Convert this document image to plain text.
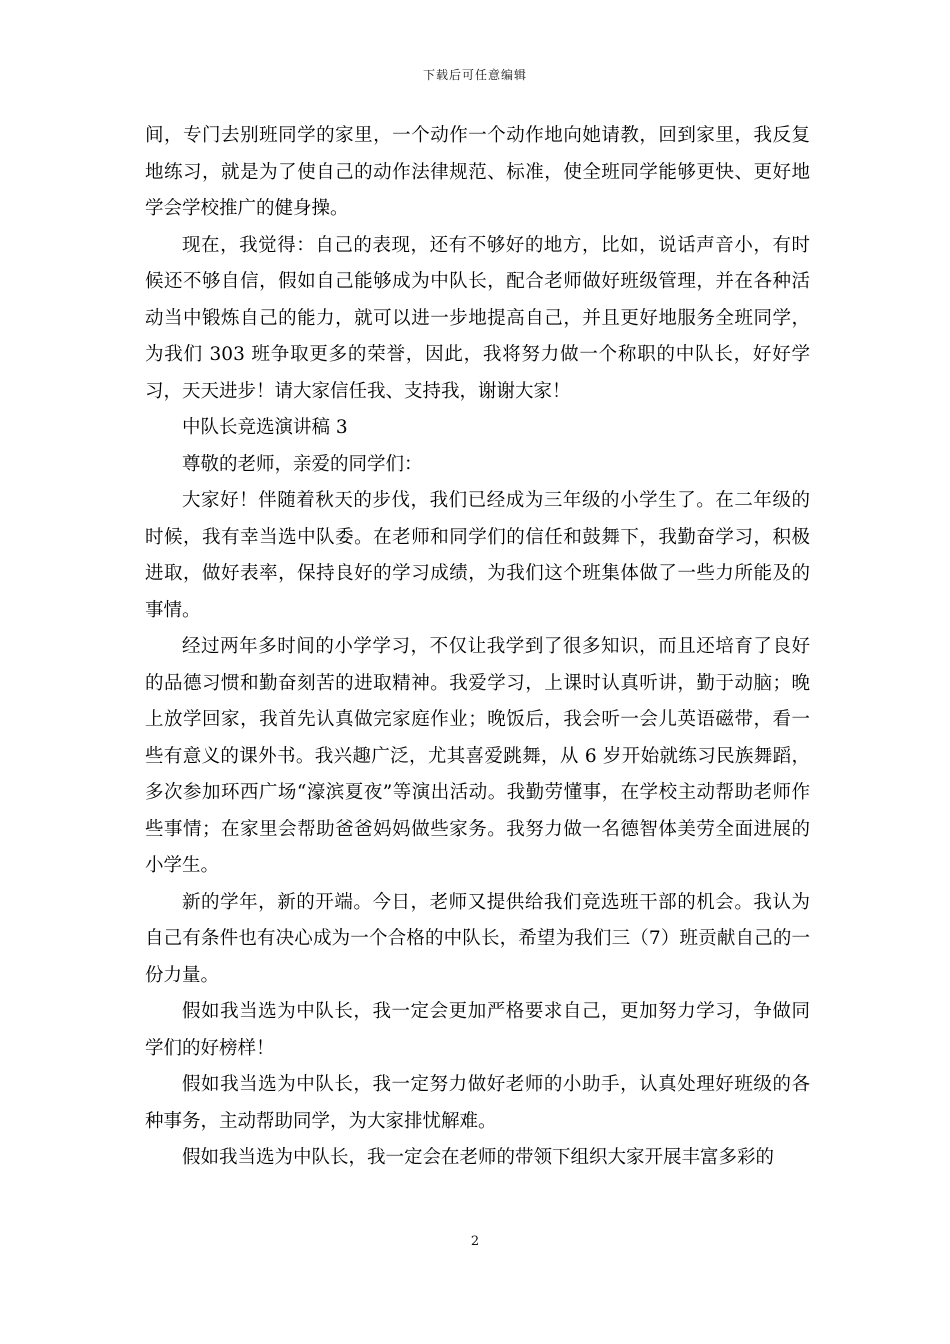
下载后可任意编辑

间，专门去别班同学的家里，一个动作一个动作地向她请教，回到家里，我反复地练习，就是为了使自己的动作法律规范、标准，使全班同学能够更快、更好地学会学校推广的健身操。

现在，我觉得：自己的表现，还有不够好的地方，比如，说话声音小，有时候还不够自信，假如自己能够成为中队长，配合老师做好班级管理，并在各种活动当中锻炼自己的能力，就可以进一步地提高自己，并且更好地服务全班同学，为我们 303 班争取更多的荣誉，因此，我将努力做一个称职的中队长，好好学习，天天进步！请大家信任我、支持我，谢谢大家！

中队长竞选演讲稿 3

尊敬的老师，亲爱的同学们：

大家好！伴随着秋天的步伐，我们已经成为三年级的小学生了。在二年级的时候，我有幸当选中队委。在老师和同学们的信任和鼓舞下，我勤奋学习，积极进取，做好表率，保持良好的学习成绩，为我们这个班集体做了一些力所能及的事情。

经过两年多时间的小学学习，不仅让我学到了很多知识，而且还培育了良好的品德习惯和勤奋刻苦的进取精神。我爱学习，上课时认真听讲，勤于动脑；晚上放学回家，我首先认真做完家庭作业；晚饭后，我会听一会儿英语磁带，看一些有意义的课外书。我兴趣广泛，尤其喜爱跳舞，从 6 岁开始就练习民族舞蹈，多次参加环西广场“濠滨夏夜”等演出活动。我勤劳懂事，在学校主动帮助老师作些事情；在家里会帮助爸爸妈妈做些家务。我努力做一名德智体美劳全面进展的小学生。

新的学年，新的开端。今日，老师又提供给我们竞选班干部的机会。我认为自己有条件也有决心成为一个合格的中队长，希望为我们三（7）班贡献自己的一份力量。

假如我当选为中队长，我一定会更加严格要求自己，更加努力学习，争做同学们的好榜样！

假如我当选为中队长，我一定努力做好老师的小助手，认真处理好班级的各种事务，主动帮助同学，为大家排忧解难。

假如我当选为中队长，我一定会在老师的带领下组织大家开展丰富多彩的

2
